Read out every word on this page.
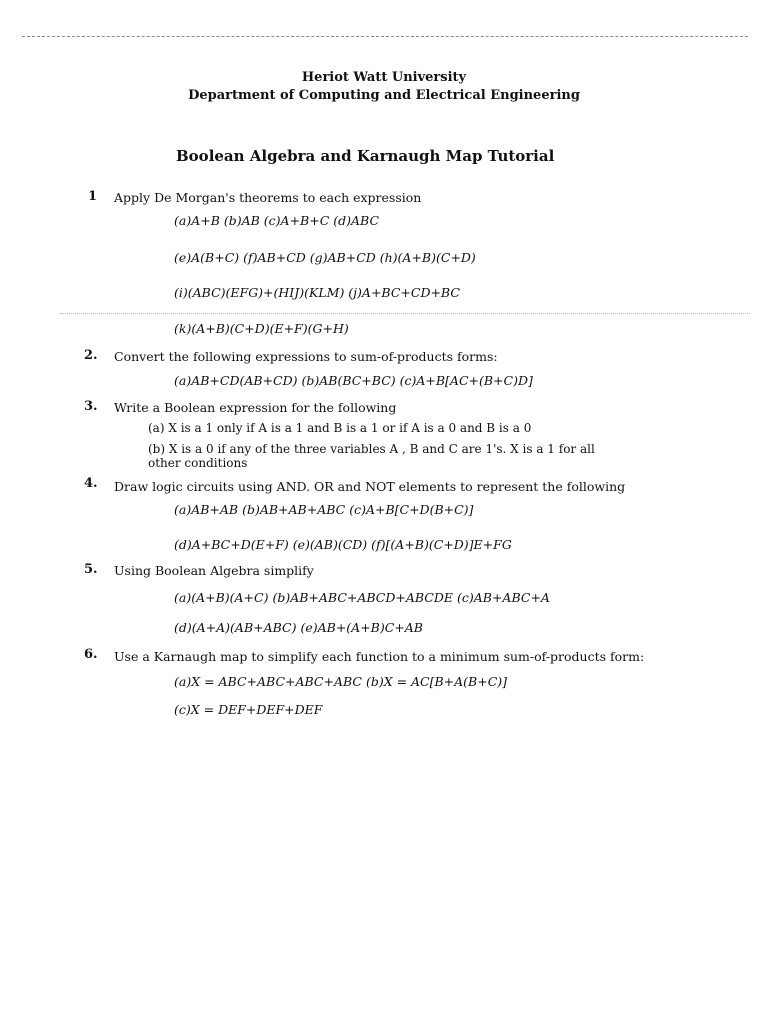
Heriot Watt University
Department of Computing and Electrical Engineering
Boolean Algebra and Karnaugh Map Tutorial
1 Apply De Morgan's theorems to each expression
(a)A+B (b)AB (c)A+B+C (d)ABC
(e)A(B+C) (f)AB+CD (g)AB+CD (h)(A+B)(C+D)
(i)(ABC)(EFG)+(HIJ)(KLM) (j)A+BC+CD+BC
(k)(A+B)(C+D)(E+F)(G+H)
2. Convert the following expressions to sum-of-products forms:
(a)AB+CD(AB+CD) (b)AB(BC+BC) (c)A+B[AC+(B+C)D]
3. Write a Boolean expression for the following
(a) X is a 1 only if A is a 1 and B is a 1 or if A is a 0 and B is a 0
(b) X is a 0 if any of the three variables A , B and C are 1's. X is a 1 for all
other conditions
4. Draw logic circuits using AND. OR and NOT elements to represent the following
(a)AB+AB (b)AB+AB+ABC (c)A+B[C+D(B+C)]
(d)A+BC+D(E+F) (e)(AB)(CD) (f)[(A+B)(C+D)]E+FG
5. Using Boolean Algebra simplify
(a)(A+B)(A+C) (b)AB+ABC+ABCD+ABCDE (c)AB+ABC+A
(d)(A+A)(AB+ABC) (e)AB+(A+B)C+AB
6. Use a Karnaugh map to simplify each function to a minimum sum-of-products form:
(a)X = ABC+ABC+ABC+ABC (b)X = AC[B+A(B+C)]
(c)X = DEF+DEF+DEF
